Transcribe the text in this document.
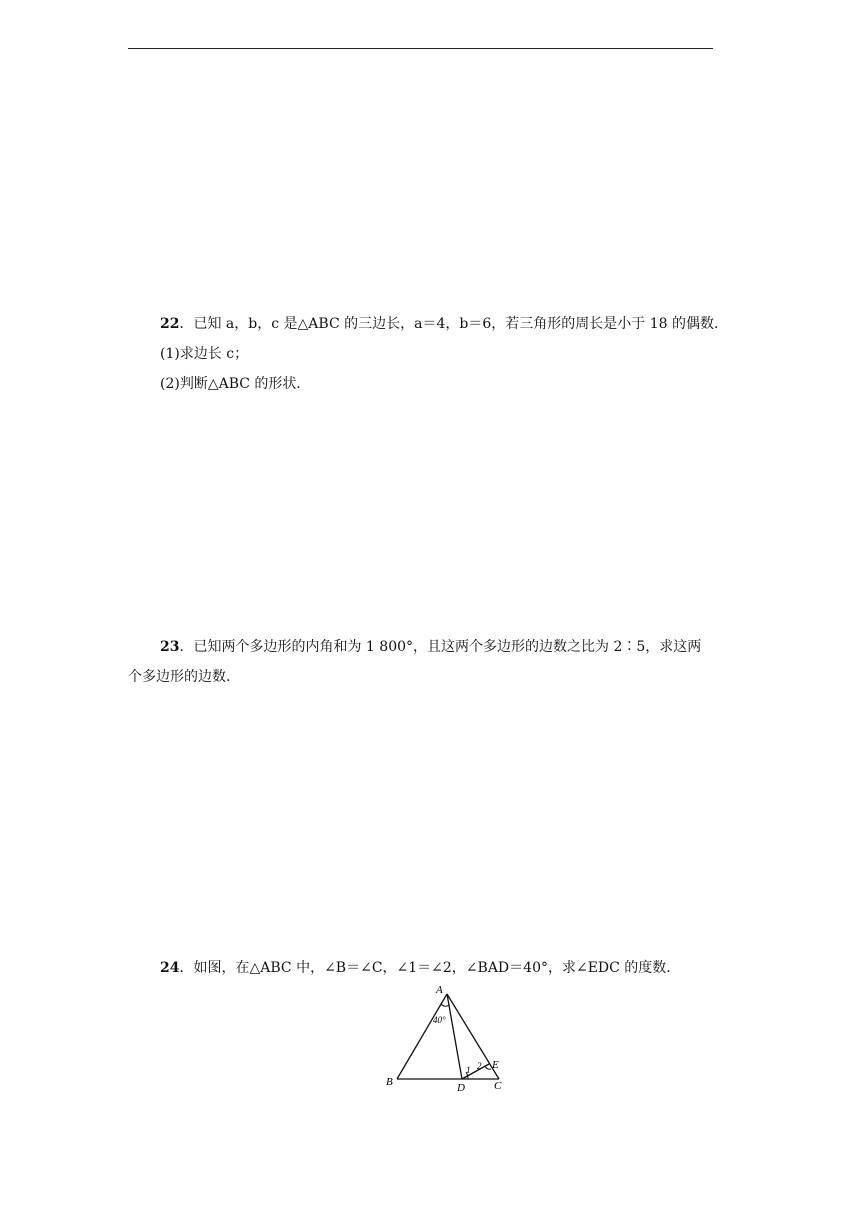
22．已知 a，b，c 是△ABC 的三边长，a＝4，b＝6，若三角形的周长是小于 18 的偶数．
(1)求边长 c；
(2)判断△ABC 的形状．
23．已知两个多边形的内角和为 1 800°，且这两个多边形的边数之比为 2∶5，求这两
个多边形的边数．
24．如图，在△ABC 中，∠B＝∠C，∠1＝∠2，∠BAD＝40°，求∠EDC 的度数．
A
B	C
D
E
40°
1 2
